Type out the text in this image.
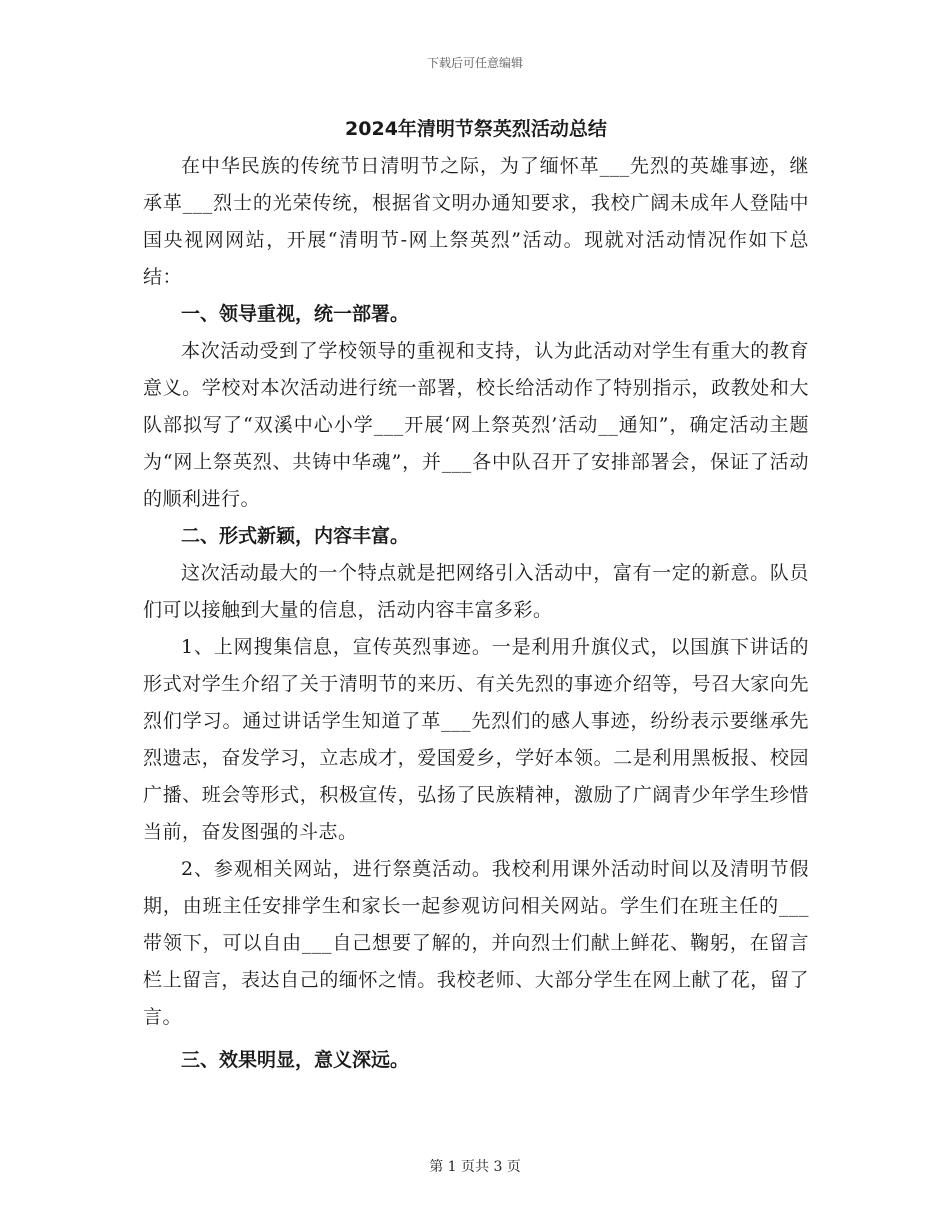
下载后可任意编辑
2024年清明节祭英烈活动总结

在中华民族的传统节日清明节之际，为了缅怀革___先烈的英雄事迹，继承革___烈士的光荣传统，根据省文明办通知要求，我校广阔未成年人登陆中国央视网网站，开展“清明节-网上祭英烈”活动。现就对活动情况作如下总结：

一、领导重视，统一部署。

本次活动受到了学校领导的重视和支持，认为此活动对学生有重大的教育意义。学校对本次活动进行统一部署，校长给活动作了特别指示，政教处和大队部拟写了“双溪中心小学___开展‘网上祭英烈’活动__通知”，确定活动主题为“网上祭英烈、共铸中华魂”，并___各中队召开了安排部署会，保证了活动的顺利进行。

二、形式新颖，内容丰富。

这次活动最大的一个特点就是把网络引入活动中，富有一定的新意。队员们可以接触到大量的信息，活动内容丰富多彩。

1、上网搜集信息，宣传英烈事迹。一是利用升旗仪式，以国旗下讲话的形式对学生介绍了关于清明节的来历、有关先烈的事迹介绍等，号召大家向先烈们学习。通过讲话学生知道了革___先烈们的感人事迹，纷纷表示要继承先烈遗志，奋发学习，立志成才，爱国爱乡，学好本领。二是利用黑板报、校园广播、班会等形式，积极宣传，弘扬了民族精神，激励了广阔青少年学生珍惜当前，奋发图强的斗志。

2、参观相关网站，进行祭奠活动。我校利用课外活动时间以及清明节假期，由班主任安排学生和家长一起参观访问相关网站。学生们在班主任的___带领下，可以自由___自己想要了解的，并向烈士们献上鲜花、鞠躬，在留言栏上留言，表达自己的缅怀之情。我校老师、大部分学生在网上献了花，留了言。

三、效果明显，意义深远。

第 1 页共 3 页
